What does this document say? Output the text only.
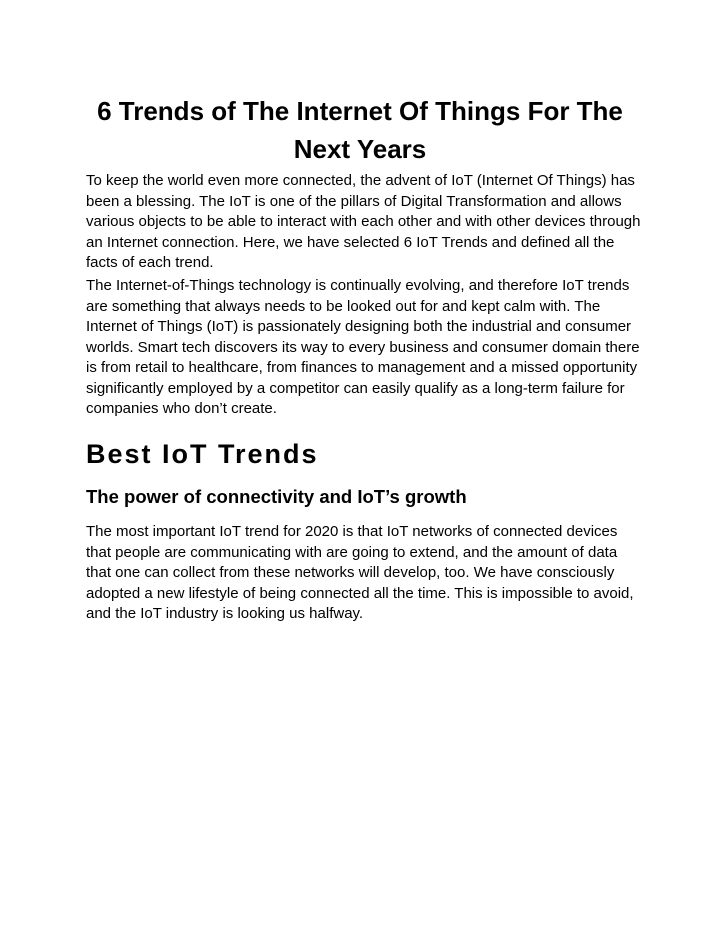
6 Trends of The Internet Of Things For The Next Years

To keep the world even more connected, the advent of IoT (Internet Of Things) has been a blessing. The IoT is one of the pillars of Digital Transformation and allows various objects to be able to interact with each other and with other devices through an Internet connection. Here, we have selected 6 IoT Trends and defined all the facts of each trend.

The Internet-of-Things technology is continually evolving, and therefore IoT trends are something that always needs to be looked out for and kept calm with. The Internet of Things (IoT) is passionately designing both the industrial and consumer worlds. Smart tech discovers its way to every business and consumer domain there is from retail to healthcare, from finances to management and a missed opportunity significantly employed by a competitor can easily qualify as a long-term failure for companies who don’t create.

Best IoT Trends
The power of connectivity and IoT’s growth

The most important IoT trend for 2020 is that IoT networks of connected devices that people are communicating with are going to extend, and the amount of data that one can collect from these networks will develop, too. We have consciously adopted a new lifestyle of being connected all the time. This is impossible to avoid, and the IoT industry is looking us halfway.
